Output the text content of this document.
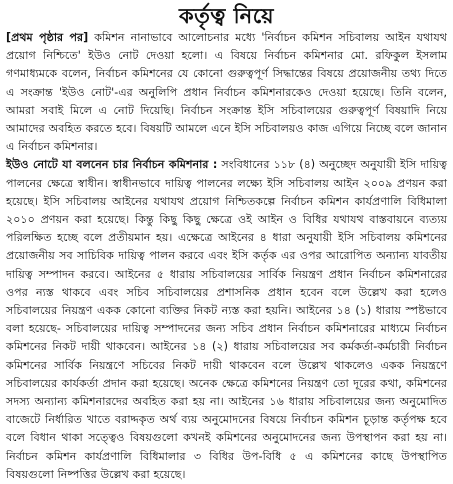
কর্তৃত্ব নিয়ে

[প্রথম পৃষ্ঠার পর] কমিশন নানাভাবে আলোচনার মধ্যে 'নির্বাচন কমিশন সচিবালয় আইন যথাযথ প্রয়োগ নিশ্চিতে' ইউও নোট দেওয়া হলো। এ বিষয়ে নির্বাচন কমিশনার মো. রফিকুল ইসলাম গণমাধ্যমকে বলেন, নির্বাচন কমিশনের যে কোনো গুরুত্বপূর্ণ সিদ্ধান্তের বিষয়ে প্রয়োজনীয় তথ্য দিতে এ সংক্রান্ত 'ইউও নোট'-এর অনুলিপি প্রধান নির্বাচন কমিশনারকেও দেওয়া হয়েছে। তিনি বলেন, আমরা সবাই মিলে এ নোট দিয়েছি। নির্বাচন সংক্রান্ত ইসি সচিবালয়ের গুরুত্বপূর্ণ বিষয়াদি নিয়ে আমাদের অবহিত করতে হবে। বিষয়টি আমলে এনে ইসি সচিবালয়ও কাজ এগিয়ে নিচ্ছে বলে জানান এ নির্বাচন কমিশনার।

ইউও নোটে যা বলনেন চার নির্বাচন কমিশনার : সংবিধানের ১১৮ (৪) অনুচ্ছেদ অনুযায়ী ইসি দায়িত্ব পালনের ক্ষেত্রে স্বাধীন। স্বাধীনভাবে দায়িত্ব পালনের লক্ষ্যে ইসি সচিবালয় আইন ২০০৯ প্রণয়ন করা হয়েছে। ইসি সচিবালয় আইনের যথাযথ প্রয়োগ নিশ্চিতকল্পে নির্বাচন কমিশন কার্যপ্রণালি বিধিমালা ২০১০ প্রণয়ন করা হয়েছে। কিন্তু কিছু কিছু ক্ষেত্রে ওই আইন ও বিধির যথাযথ বাস্তবায়নে ব্যত্যয় পরিলক্ষিত হচ্ছে বলে প্রতীয়মান হয়। এক্ষেত্রে আইনের ৪ ধারা অনুযায়ী ইসি সচিবালয় কমিশনের প্রয়োজনীয় সব সাচিবিক দায়িত্ব পালন করবে এবং ইসি কর্তৃক এর ওপর আরোপিত অন্যান্য যাবতীয় দায়িত্ব সম্পাদন করবে। আইনের ৫ ধারায় সচিবালয়ের সার্বিক নিয়ন্ত্রণ প্রধান নির্বাচন কমিশনারের ওপর ন্যস্ত থাকবে এবং সচিব সচিবালয়ের প্রশাসনিক প্রধান হবেন বলে উল্লেখ করা হলেও সচিবালয়ের নিয়ন্ত্রণ একক কোনো ব্যক্তির নিকট ন্যস্ত করা হয়নি। আইনের ১৪ (১) ধারায় স্পষ্টভাবে বলা হয়েছে- সচিবালয়ের দায়িত্ব সম্পাদনের জন্য সচিব প্রধান নির্বাচন কমিশনারের মাধ্যমে নির্বাচন কমিশনের নিকট দায়ী থাকবেন। আইনের ১৪ (২) ধারায় সচিবালয়ের সব কর্মকর্তা-কর্মচারী নির্বাচন কমিশনের সার্বিক নিয়ন্ত্রণে সচিবের নিকট দায়ী থাকবেন বলে উল্লেখ থাকলেও একক নিয়ন্ত্রণে সচিবালয়ের কার্যকর্তা প্রদান করা হয়েছে। অনেক ক্ষেত্রে কমিশনের নিয়ন্ত্রণ তো দূরের কথা, কমিশনের সদস্য অন্যান্য কমিশনারদের অবহিত করা হয় না। আইনের ১৬ ধারায় সচিবালয়ের জন্য অনুমোদিত বাজেটে নির্ধারিত খাতে বরাদ্দকৃত অর্থ ব্যয় অনুমোদনের বিষয়ে নির্বাচন কমিশন চূড়ান্ত কর্তৃপক্ষ হবে বলে বিধান থাকা সত্ত্বেও বিষয়গুলো কখনই কমিশনের অনুমোদনের জন্য উপস্থাপন করা হয় না। নির্বাচন কমিশন কার্যপ্রণালি বিধিমালার ৩ বিধির উপ-বিধি ৫ এ কমিশনের কাছে উপস্থাপিত বিষয়গুলো নিষ্পত্তির উল্লেখ করা হয়েছে।
